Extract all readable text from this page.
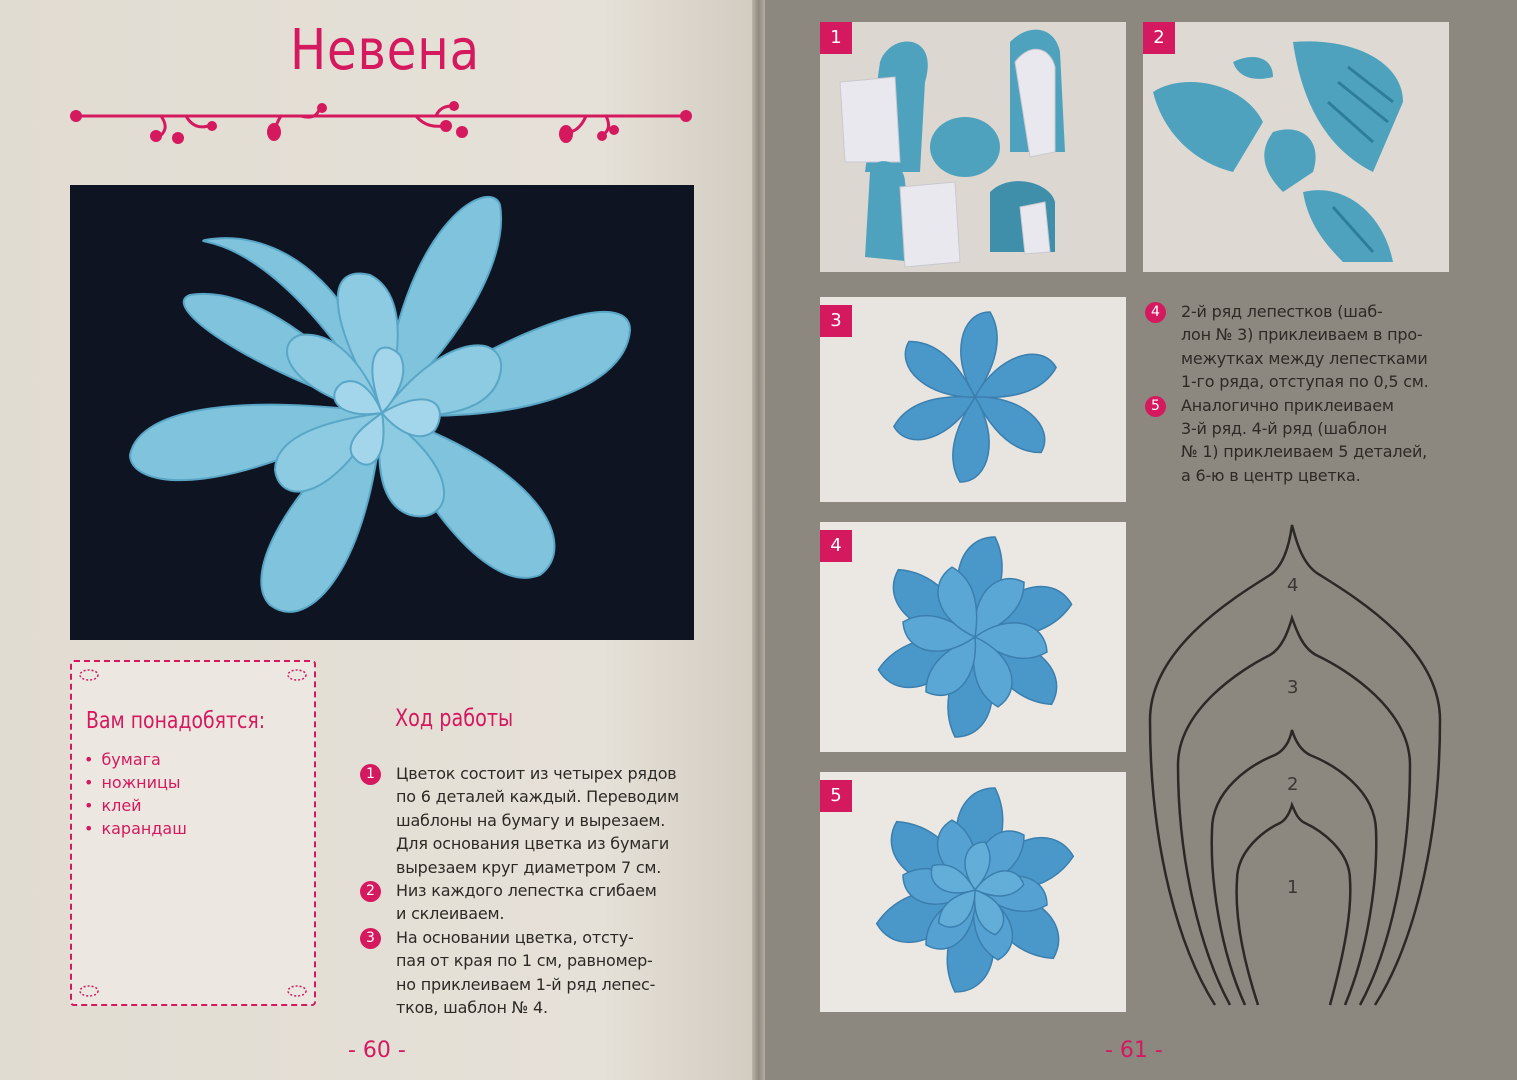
Невена
Вам понадобятся:
• бумага
• ножницы
• клей
• карандаш
Ход работы
1	Цветок состоит из четырех рядов
по 6 деталей каждый. Переводим
шаблоны на бумагу и вырезаем.
Для основания цветка из бумаги
вырезаем круг диаметром 7 см.
2	Низ каждого лепестка сгибаем
и склеиваем.
3	На основании цветка, отсту-
пая от края по 1 см, равномер-
но приклеиваем 1-й ряд лепес-
тков, шаблон № 4.
- 60 -
1	2
3
4
5
4	2-й ряд лепестков (шаб-
лон № 3) приклеиваем в про-
межутках между лепестками
1-го ряда, отступая по 0,5 см.
5	Аналогично приклеиваем
3-й ряд. 4-й ряд (шаблон
№ 1) приклеиваем 5 деталей,
а 6-ю в центр цветка.
4
3
2
1
- 61 -
